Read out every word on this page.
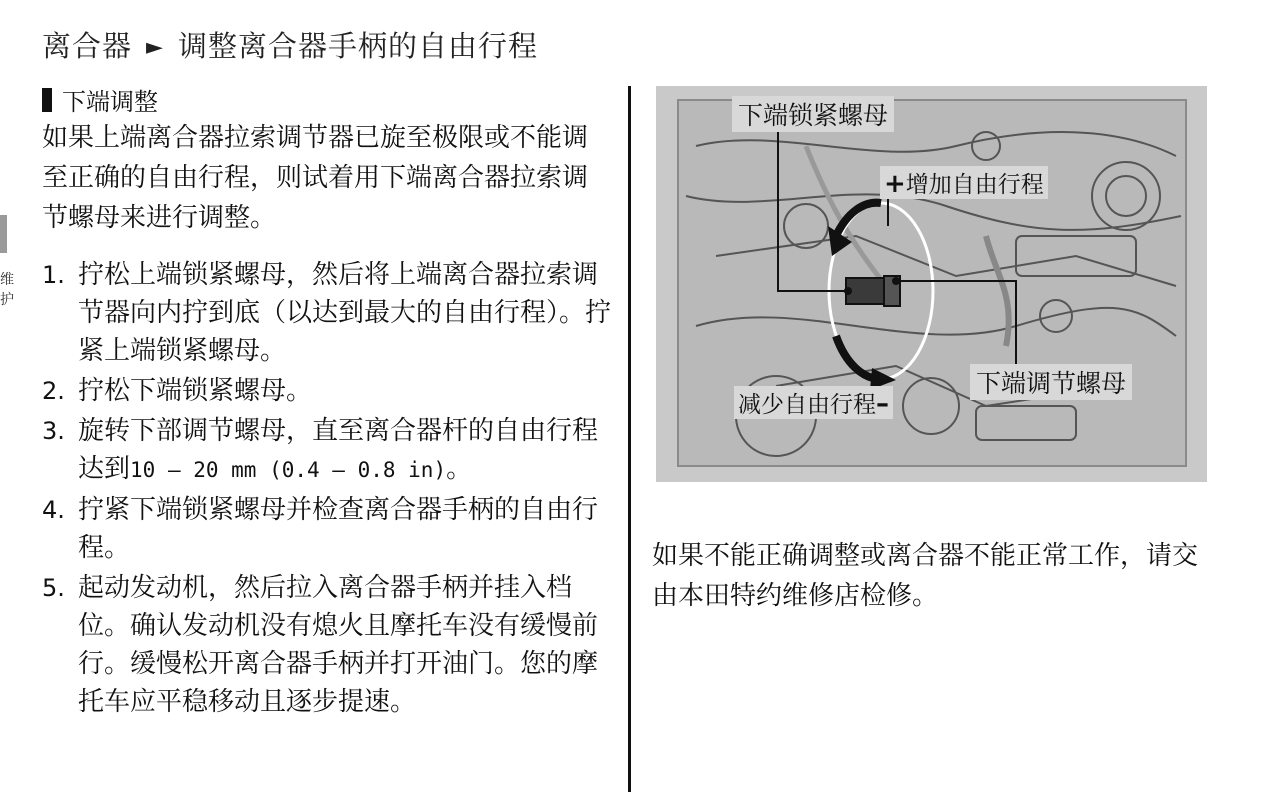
离合器 ► 调整离合器手柄的自由行程
维护
下端调整
如果上端离合器拉索调节器已旋至极限或不能调至正确的自由行程，则试着用下端离合器拉索调节螺母来进行调整。
1. 拧松上端锁紧螺母，然后将上端离合器拉索调节器向内拧到底（以达到最大的自由行程）。拧紧上端锁紧螺母。
2. 拧松下端锁紧螺母。
3. 旋转下部调节螺母，直至离合器杆的自由行程达到10 – 20 mm (0.4 – 0.8 in)。
4. 拧紧下端锁紧螺母并检查离合器手柄的自由行程。
5. 起动发动机，然后拉入离合器手柄并挂入档位。确认发动机没有熄火且摩托车没有缓慢前行。缓慢松开离合器手柄并打开油门。您的摩托车应平稳移动且逐步提速。
下端锁紧螺母
+增加自由行程
减少自由行程–
下端调节螺母
如果不能正确调整或离合器不能正常工作，请交由本田特约维修店检修。
